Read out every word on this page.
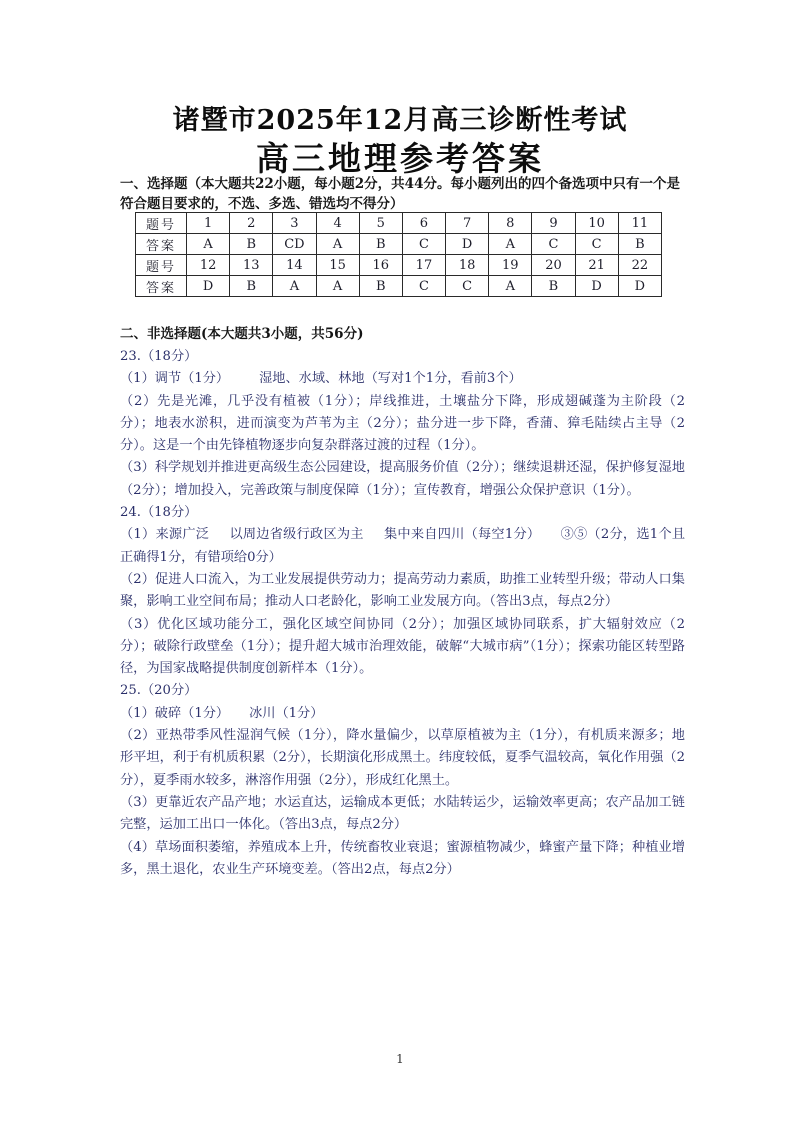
诸暨市2025年12月高三诊断性考试
高三地理参考答案
一、选择题（本大题共22小题，每小题2分，共44分。每小题列出的四个备选项中只有一个是符合题目要求的，不选、多选、错选均不得分）
题号	1	2	3	4	5	6	7	8	9	10	11
答案	A	B	CD	A	B	C	D	A	C	C	B
题号	12	13	14	15	16	17	18	19	20	21	22
答案	D	B	A	A	B	C	C	A	B	D	D
二、非选择题(本大题共3小题，共56分)

23.（18分）

（1）调节（1分） 湿地、水域、林地（写对1个1分，看前3个）

（2）先是光滩，几乎没有植被（1分）；岸线推进，土壤盐分下降，形成翅碱蓬为主阶段（2分）；地表水淤积，进而演变为芦苇为主（2分）；盐分进一步下降，香蒲、獐毛陆续占主导（2分）。这是一个由先锋植物逐步向复杂群落过渡的过程（1分）。

（3）科学规划并推进更高级生态公园建设，提高服务价值（2分）；继续退耕还湿，保护修复湿地（2分）；增加投入，完善政策与制度保障（1分）；宣传教育，增强公众保护意识（1分）。

24.（18分）

（1）来源广泛 以周边省级行政区为主 集中来自四川（每空1分） ③⑤（2分，选1个且正确得1分，有错项给0分）

（2）促进人口流入，为工业发展提供劳动力；提高劳动力素质，助推工业转型升级；带动人口集聚，影响工业空间布局；推动人口老龄化，影响工业发展方向。（答出3点，每点2分）

（3）优化区域功能分工，强化区域空间协同（2分）；加强区域协同联系，扩大辐射效应（2分）；破除行政壁垒（1分）；提升超大城市治理效能，破解“大城市病”（1分）；探索功能区转型路径，为国家战略提供制度创新样本（1分）。

25.（20分）

（1）破碎（1分） 冰川（1分）

（2）亚热带季风性湿润气候（1分），降水量偏少，以草原植被为主（1分），有机质来源多；地形平坦，利于有机质积累（2分），长期演化形成黑土。纬度较低，夏季气温较高，氧化作用强（2分），夏季雨水较多，淋溶作用强（2分），形成红化黑土。

（3）更靠近农产品产地；水运直达，运输成本更低；水陆转运少，运输效率更高；农产品加工链完整，运加工出口一体化。（答出3点，每点2分）

（4）草场面积萎缩，养殖成本上升，传统畜牧业衰退；蜜源植物减少，蜂蜜产量下降；种植业增多，黑土退化，农业生产环境变差。（答出2点，每点2分）

1
